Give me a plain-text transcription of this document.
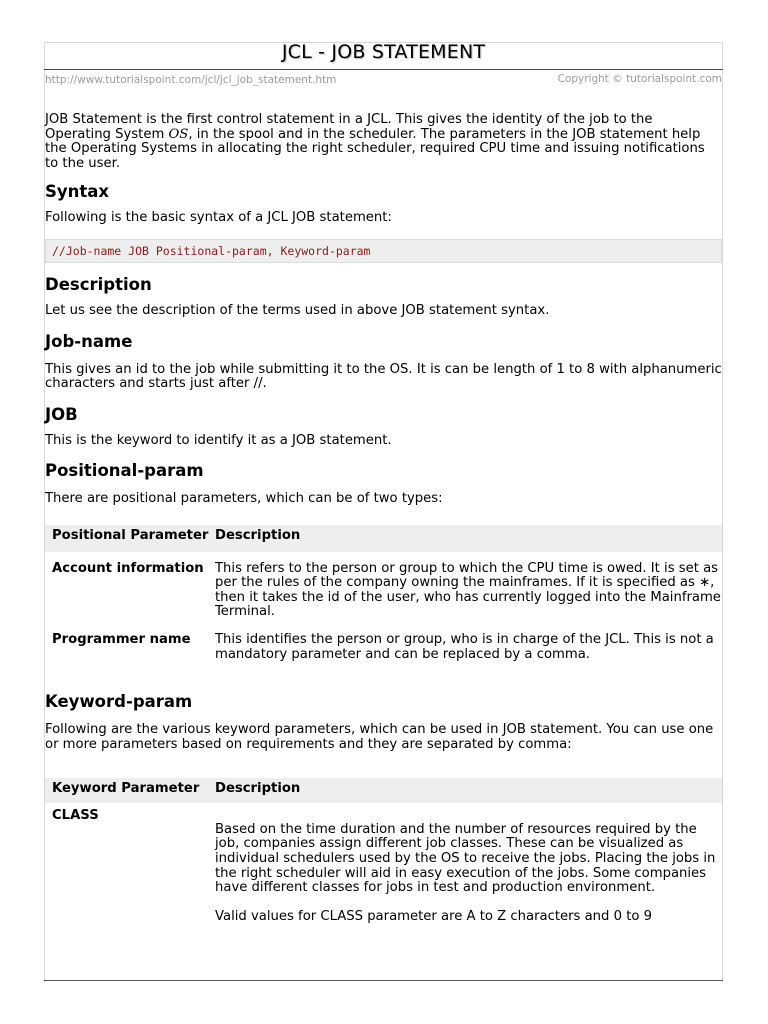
JCL - JOB STATEMENT
http://www.tutorialspoint.com/jcl/jcl_job_statement.htm	Copyright © tutorialspoint.com

JOB Statement is the first control statement in a JCL. This gives the identity of the job to the Operating System OS, in the spool and in the scheduler. The parameters in the JOB statement help the Operating Systems in allocating the right scheduler, required CPU time and issuing notifications to the user.

Syntax

Following is the basic syntax of a JCL JOB statement:

//Job-name JOB Positional-param, Keyword-param
Description

Let us see the description of the terms used in above JOB statement syntax.

Job-name

This gives an id to the job while submitting it to the OS. It is can be length of 1 to 8 with alphanumeric characters and starts just after //.

JOB

This is the keyword to identify it as a JOB statement.

Positional-param

There are positional parameters, which can be of two types:

Positional Parameter	Description
Account information	This refers to the person or group to which the CPU time is owed. It is set as per the rules of the company owning the mainframes. If it is specified as ∗, then it takes the id of the user, who has currently logged into the Mainframe Terminal.
Programmer name	This identifies the person or group, who is in charge of the JCL. This is not a mandatory parameter and can be replaced by a comma.
Keyword-param

Following are the various keyword parameters, which can be used in JOB statement. You can use one or more parameters based on requirements and they are separated by comma:

Keyword Parameter	Description
CLASS	Based on the time duration and the number of resources required by the job, companies assign different job classes. These can be visualized as individual schedulers used by the OS to receive the jobs. Placing the jobs in the right scheduler will aid in easy execution of the jobs. Some companies have different classes for jobs in test and production environment.
Valid values for CLASS parameter are A to Z characters and 0 to 9
